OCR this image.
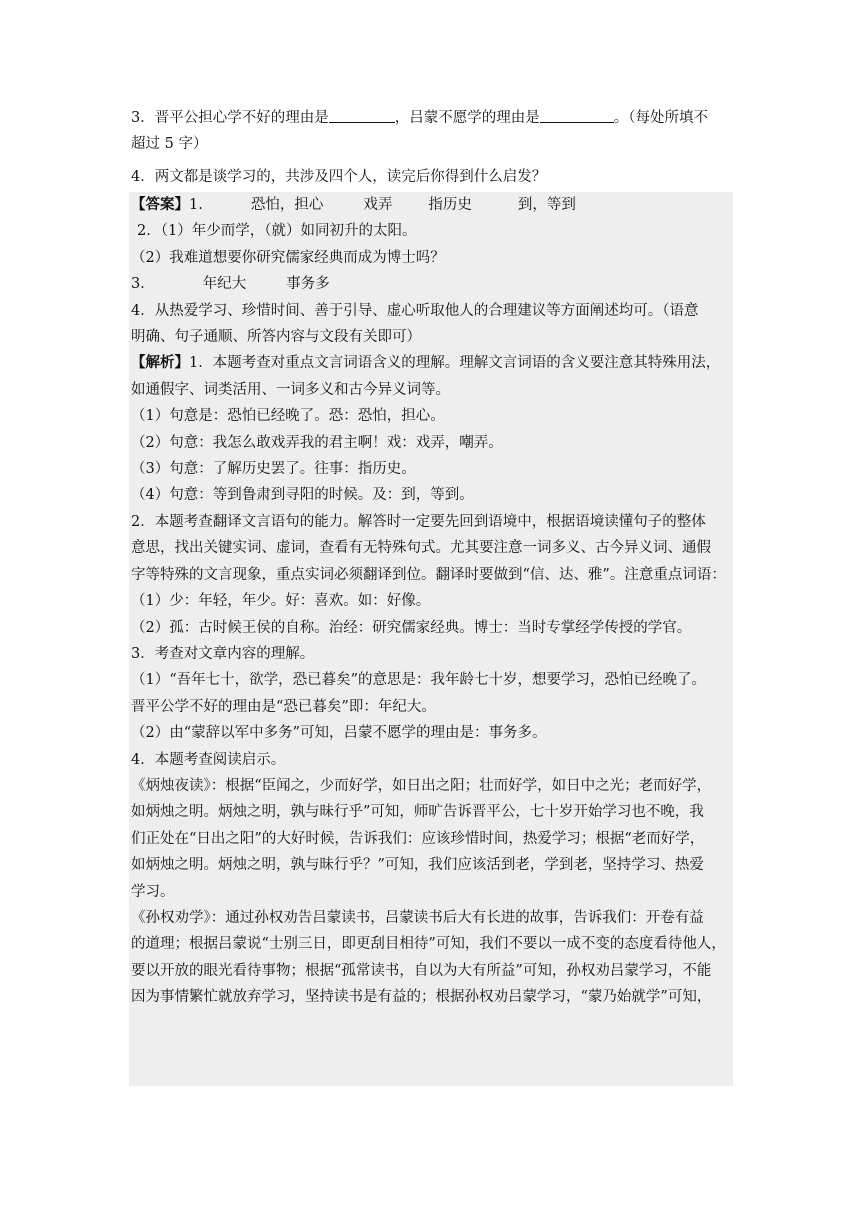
3．晋平公担心学不好的理由是	，吕蒙不愿学的理由是	。（每处所填不

超过 5 字）

4．两文都是谈学习的，共涉及四个人，读完后你得到什么启发？

【答案】1.	恐怕，担心	戏弄 指历史	到，等到

2．（1）年少而学，（就）如同初升的太阳。

（2）我难道想要你研究儒家经典而成为博士吗？

3．	年纪大	事务多

4．从热爱学习、珍惜时间、善于引导、虚心听取他人的合理建议等方面阐述均可。（语意

明确、句子通顺、所答内容与文段有关即可）

【解析】1．本题考查对重点文言词语含义的理解。理解文言词语的含义要注意其特殊用法，

如通假字、词类活用、一词多义和古今异义词等。

（1）句意是：恐怕已经晚了。恐：恐怕，担心。

（2）句意：我怎么敢戏弄我的君主啊！戏：戏弄，嘲弄。

（3）句意：了解历史罢了。往事：指历史。

（4）句意：等到鲁肃到寻阳的时候。及：到，等到。

2．本题考查翻译文言语句的能力。解答时一定要先回到语境中，根据语境读懂句子的整体

意思，找出关键实词、虚词，查看有无特殊句式。尤其要注意一词多义、古今异义词、通假

字等特殊的文言现象，重点实词必须翻译到位。翻译时要做到“信、达、雅”。注意重点词语：

（1）少：年轻，年少。好：喜欢。如：好像。

（2）孤：古时候王侯的自称。治经：研究儒家经典。博士：当时专掌经学传授的学官。

3．考查对文章内容的理解。

（1）“吾年七十，欲学，恐已暮矣”的意思是：我年龄七十岁，想要学习，恐怕已经晚了。

晋平公学不好的理由是“恐已暮矣”即：年纪大。

（2）由“蒙辞以军中多务”可知，吕蒙不愿学的理由是：事务多。

4．本题考查阅读启示。

《炳烛夜读》：根据“臣闻之，少而好学，如日出之阳；壮而好学，如日中之光；老而好学，

如炳烛之明。炳烛之明，孰与昧行乎”可知，师旷告诉晋平公，七十岁开始学习也不晚，我

们正处在“日出之阳”的大好时候，告诉我们：应该珍惜时间，热爱学习；根据“老而好学，

如炳烛之明。炳烛之明，孰与昧行乎？”可知，我们应该活到老，学到老，坚持学习、热爱

学习。

《孙权劝学》：通过孙权劝告吕蒙读书，吕蒙读书后大有长进的故事，告诉我们：开卷有益

的道理；根据吕蒙说“士别三日，即更刮目相待”可知，我们不要以一成不变的态度看待他人，

要以开放的眼光看待事物；根据“孤常读书，自以为大有所益”可知，孙权劝吕蒙学习，不能

因为事情繁忙就放弃学习，坚持读书是有益的；根据孙权劝吕蒙学习，“蒙乃始就学”可知，
